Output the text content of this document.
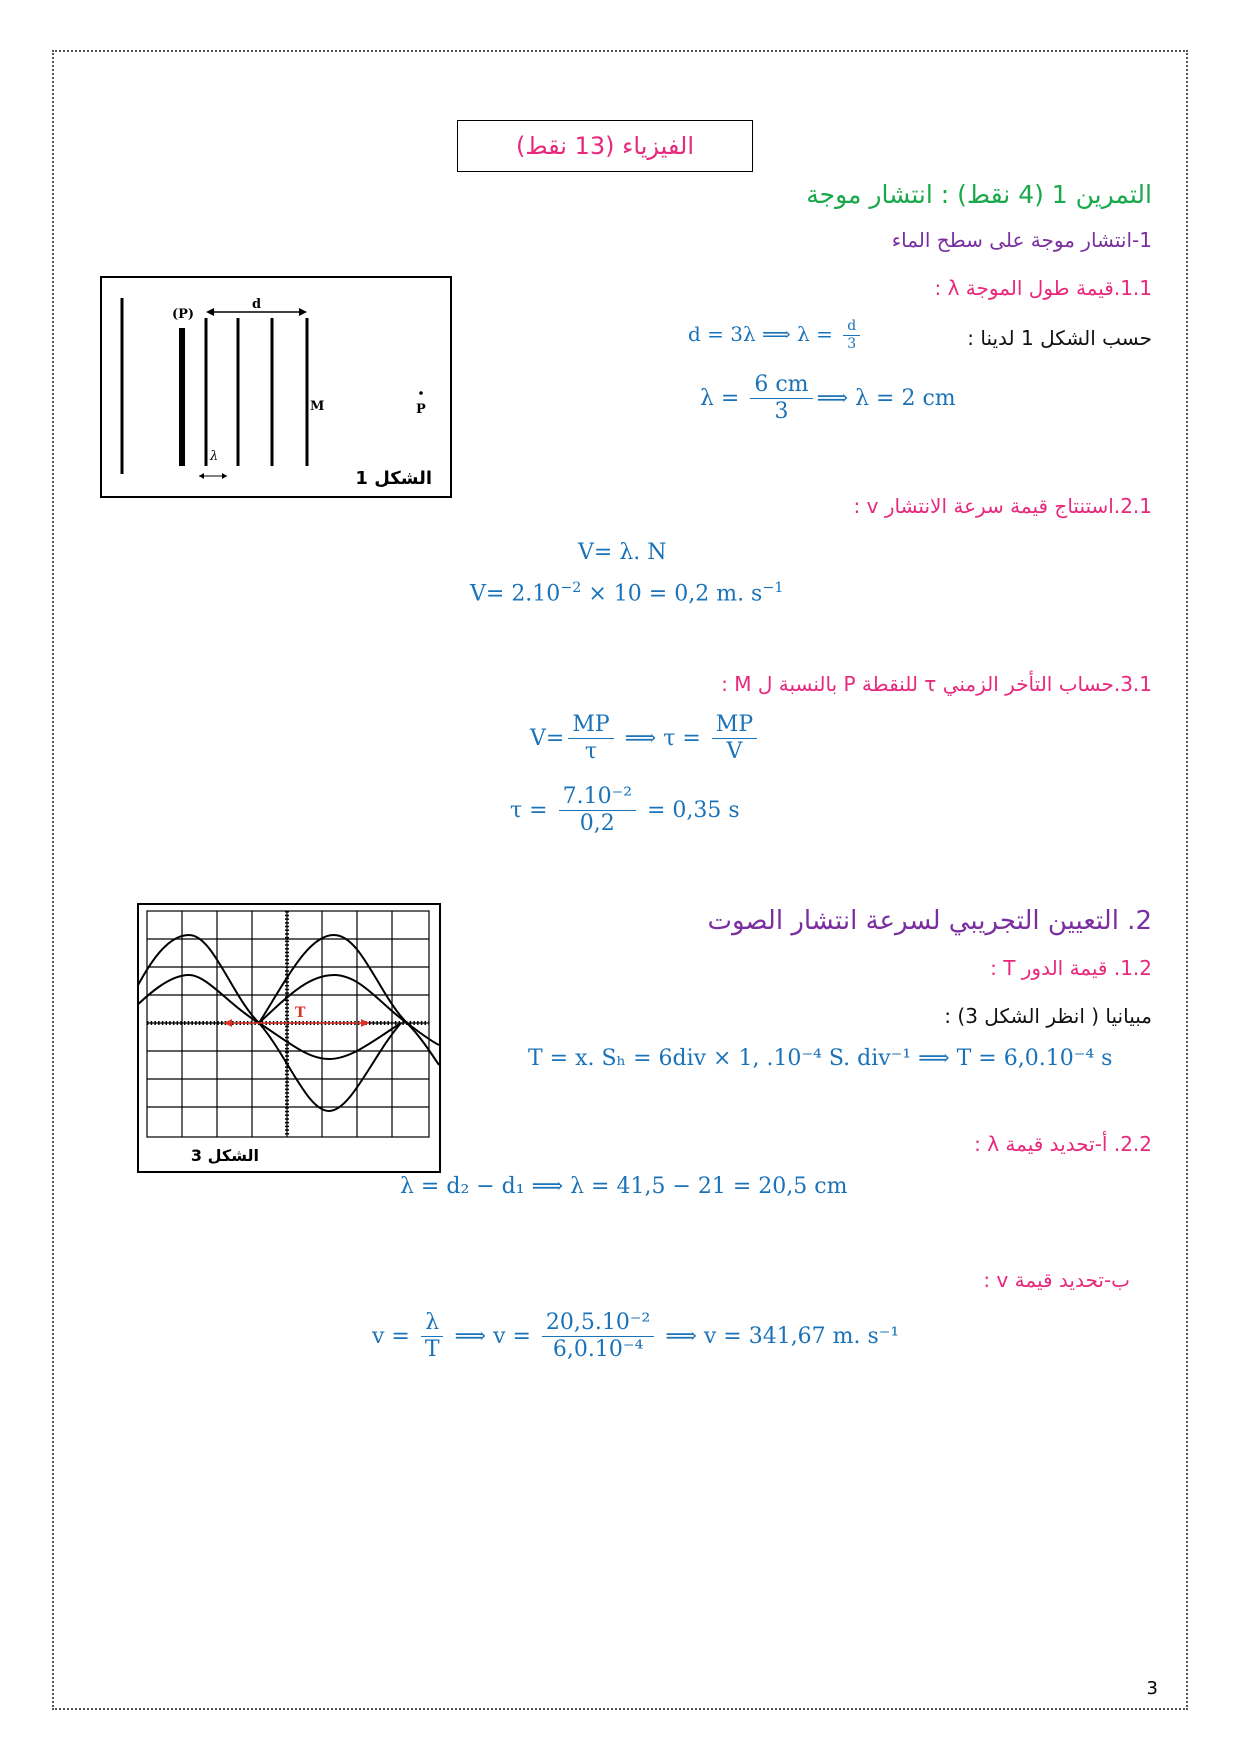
الفيزياء (13 نقط)
التمرين 1 (4 نقط) : انتشار موجة
1-انتشار موجة على سطح الماء
1.1.قيمة طول الموجة λ :
حسب الشكل 1 لدينا :
d = 3λ ⟹ $\lambda = \frac{d}{3}$
$\lambda = \frac{6 cm}{3}$ ⟹ λ = 2 cm
(P)
d
M	P
λ
الشكل 1
2.1.استنتاج قيمة سرعة الانتشار v :
V= λ. N
$V= 2.10^{-2} \times 10 = 0,2$ m. $s^{-1}$
3.1.حساب التأخر الزمني τ للنقطة P بالنسبة ل M :
$V= \frac{MP}{\tau}$ ⟹ $\tau = \frac{MP}{V}$
$\tau = \frac{\text{7.10⁻²}}{0,2} = 0,35$ s
2. التعيين التجريبي لسرعة انتشار الصوت
1.2. قيمة الدور T :
مبيانيا ( انظر الشكل 3) :
T = x. Sₕ = 6div × 1, .10⁻⁴ S. div⁻¹ ⟹ T = 6,0.10⁻⁴ s
T
الشكل 3	2.2. أ-تحديد قيمة λ :
λ = d₂ − d₁ ⟹ λ = 41,5 − 21 = 20,5 cm
ب-تحديد قيمة v :
$v = \frac{\lambda}{T}$ ⟹ $v = \frac{\text{20,5.10⁻²}}{\text{6,0.10⁻⁴}}$ ⟹ v = 341,67 m. s⁻¹
3
